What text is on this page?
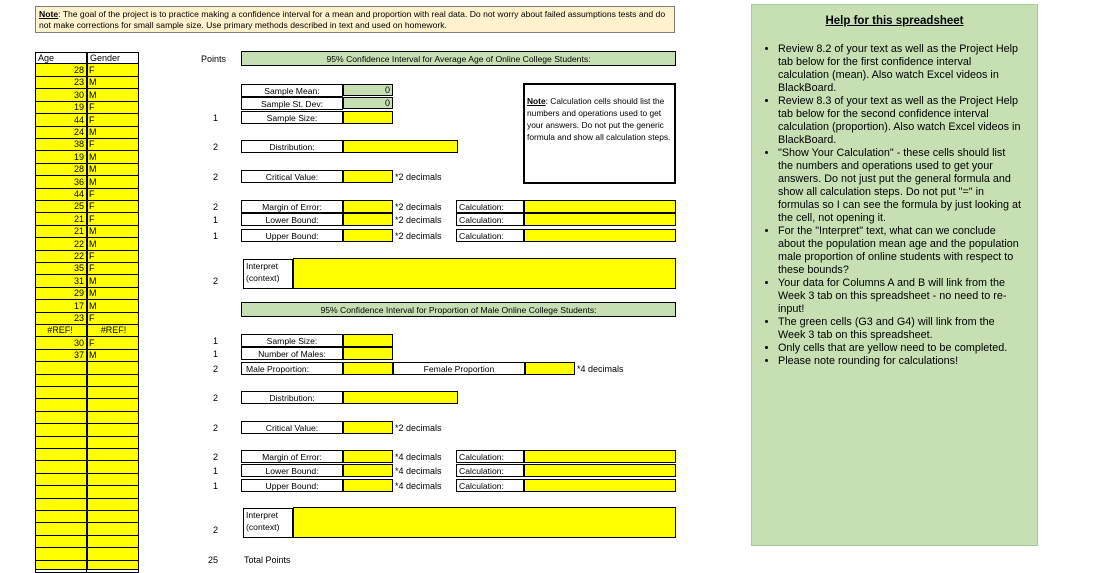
Note: The goal of the project is to practice making a confidence interval for a mean and proportion with real data. Do not worry about failed assumptions tests and do not make corrections for small sample size. Use primary methods described in text and used on homework.
Age	Gender
28 F
23 M
30 M
19 F
44 F
24 M
38 F
19 M
28 M
36 M
44 F
25 F
21 F
21 M
22 M
22 F
35 F
31 M
29 M
17 M
23 F
#REF!	#REF!
30 F
37 M
Points	95% Confidence Interval for Average Age of Online College Students:
Sample Mean:	0
Sample St. Dev:	0
1	Sample Size:
2	Distribution:
2	Critical Value:	*2 decimals
2	Margin of Error:	*2 decimals	Calculation:
1	Lower Bound:	*2 decimals	Calculation:
1	Upper Bound:	*2 decimals	Calculation:
2
Interpret
(context)
Note: Calculation cells should list the numbers and operations used to get your answers. Do not put the generic formula and show all calculation steps.
95% Confidence Interval for Proportion of Male Online College Students:
1	Sample Size:
1	Number of Males:
2	Male Proportion:	Female Proportion	*4 decimals
2	Distribution:
2	Critical Value:	*2 decimals
2	Margin of Error:	*4 decimals	Calculation:
1	Lower Bound:	*4 decimals	Calculation:
1	Upper Bound:	*4 decimals	Calculation:
2
Interpret
(context)
25	Total Points
Help for this spreadsheet
• Review 8.2 of your text as well as the Project Help tab below for the first confidence interval calculation (mean). Also watch Excel videos in BlackBoard.
• Review 8.3 of your text as well as the Project Help tab below for the second confidence interval calculation (proportion). Also watch Excel videos in BlackBoard.
• "Show Your Calculation" - these cells should list the numbers and operations used to get your answers. Do not just put the general formula and show all calculation steps. Do not put "=" in formulas so I can see the formula by just looking at the cell, not opening it.
• For the "Interpret" text, what can we conclude about the population mean age and the population male proportion of online students with respect to these bounds?
• Your data for Columns A and B will link from the Week 3 tab on this spreadsheet - no need to re-input!
• The green cells (G3 and G4) will link from the Week 3 tab on this spreadsheet.
• Only cells that are yellow need to be completed.
• Please note rounding for calculations!
